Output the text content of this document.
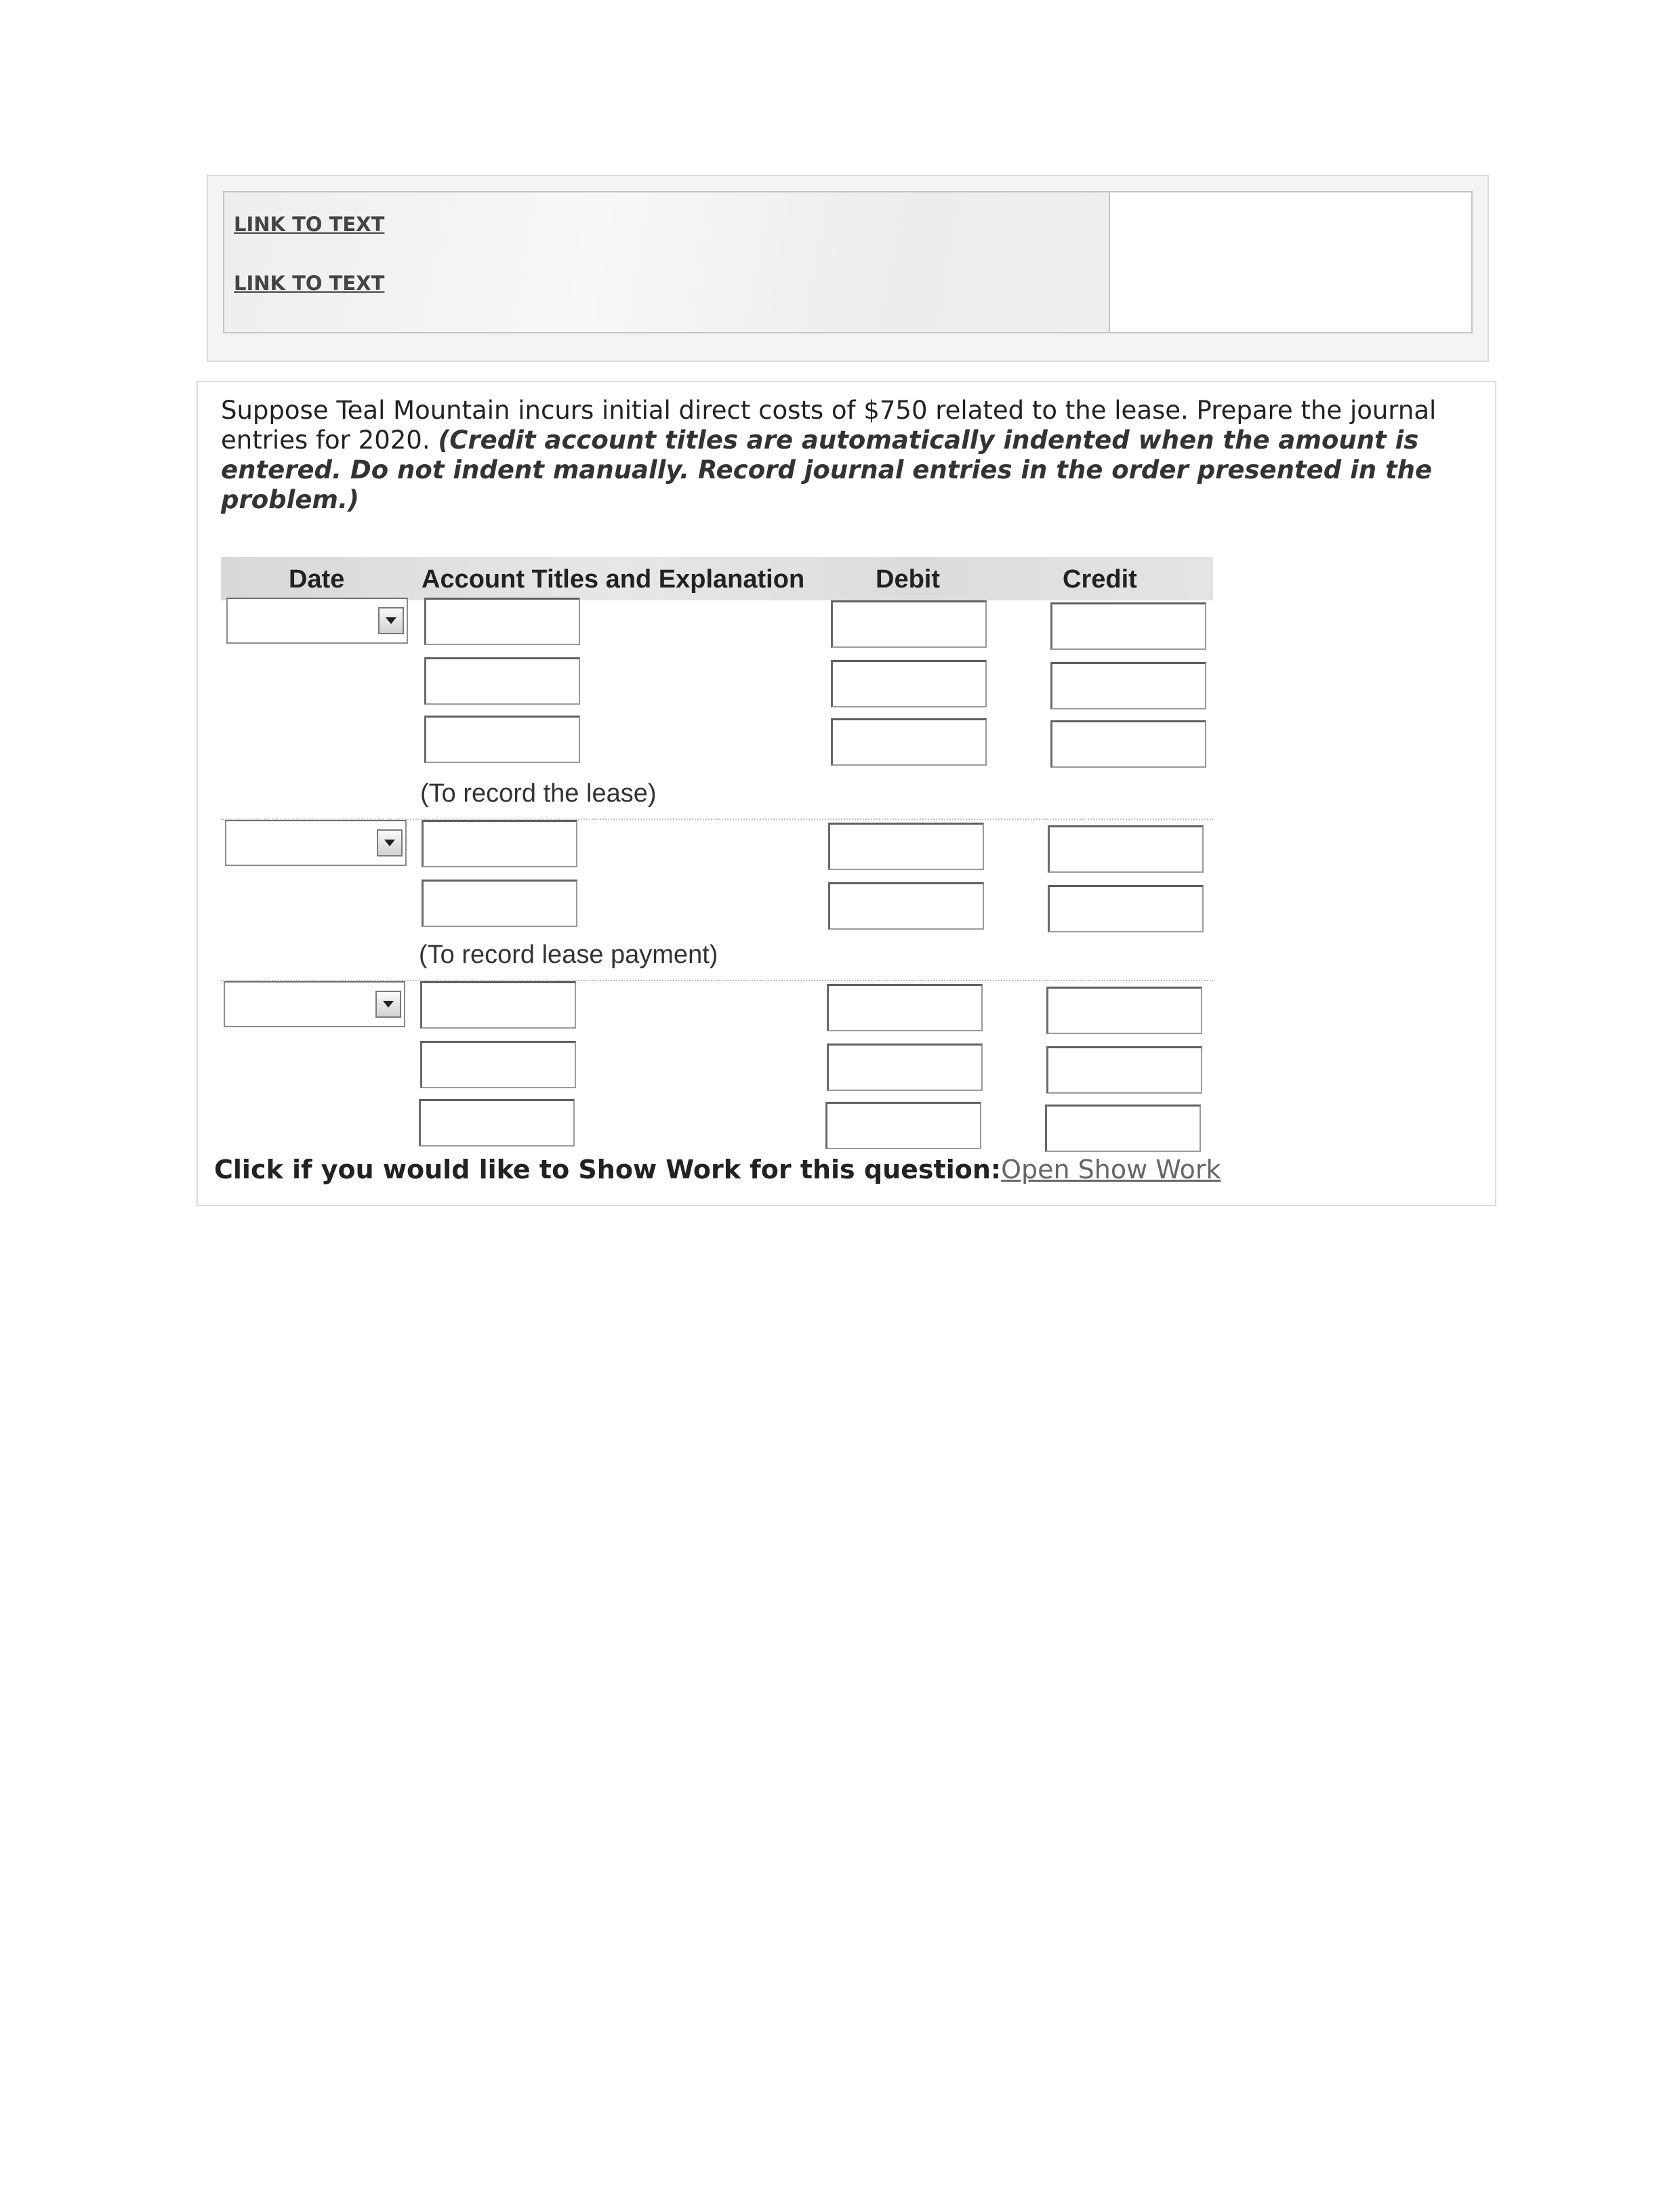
LINK TO TEXT
LINK TO TEXT
Suppose Teal Mountain incurs initial direct costs of $750 related to the lease. Prepare the journal entries for 2020. (Credit account titles are automatically indented when the amount is entered. Do not indent manually. Record journal entries in the order presented in the problem.)
Date	Account Titles and Explanation	Debit	Credit
(To record the lease)
(To record lease payment)
Click if you would like to Show Work for this question:Open Show Work
